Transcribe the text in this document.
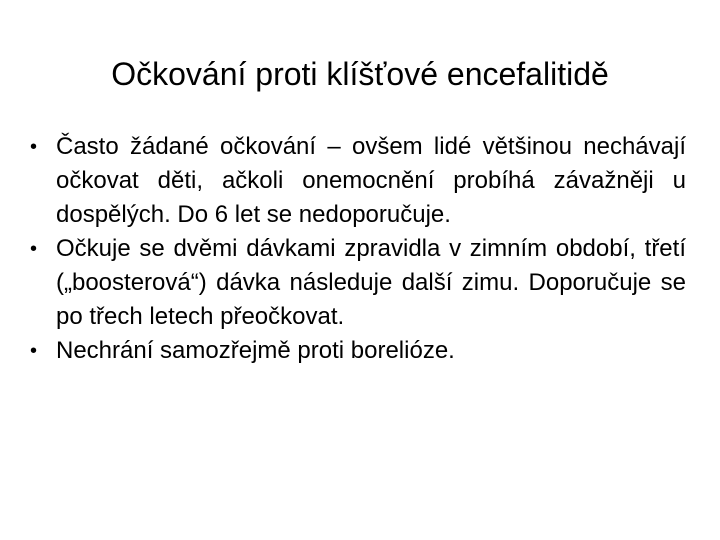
Očkování proti klíšťové encefalitidě
• Často žádané očkování – ovšem lidé většinou nechávají očkovat děti, ačkoli onemocnění probíhá závažněji u dospělých. Do 6 let se nedoporučuje.
• Očkuje se dvěmi dávkami zpravidla v zimním období, třetí („boosterová“) dávka následuje další zimu. Doporučuje se po třech letech přeočkovat.
• Nechrání samozřejmě proti borelióze.
